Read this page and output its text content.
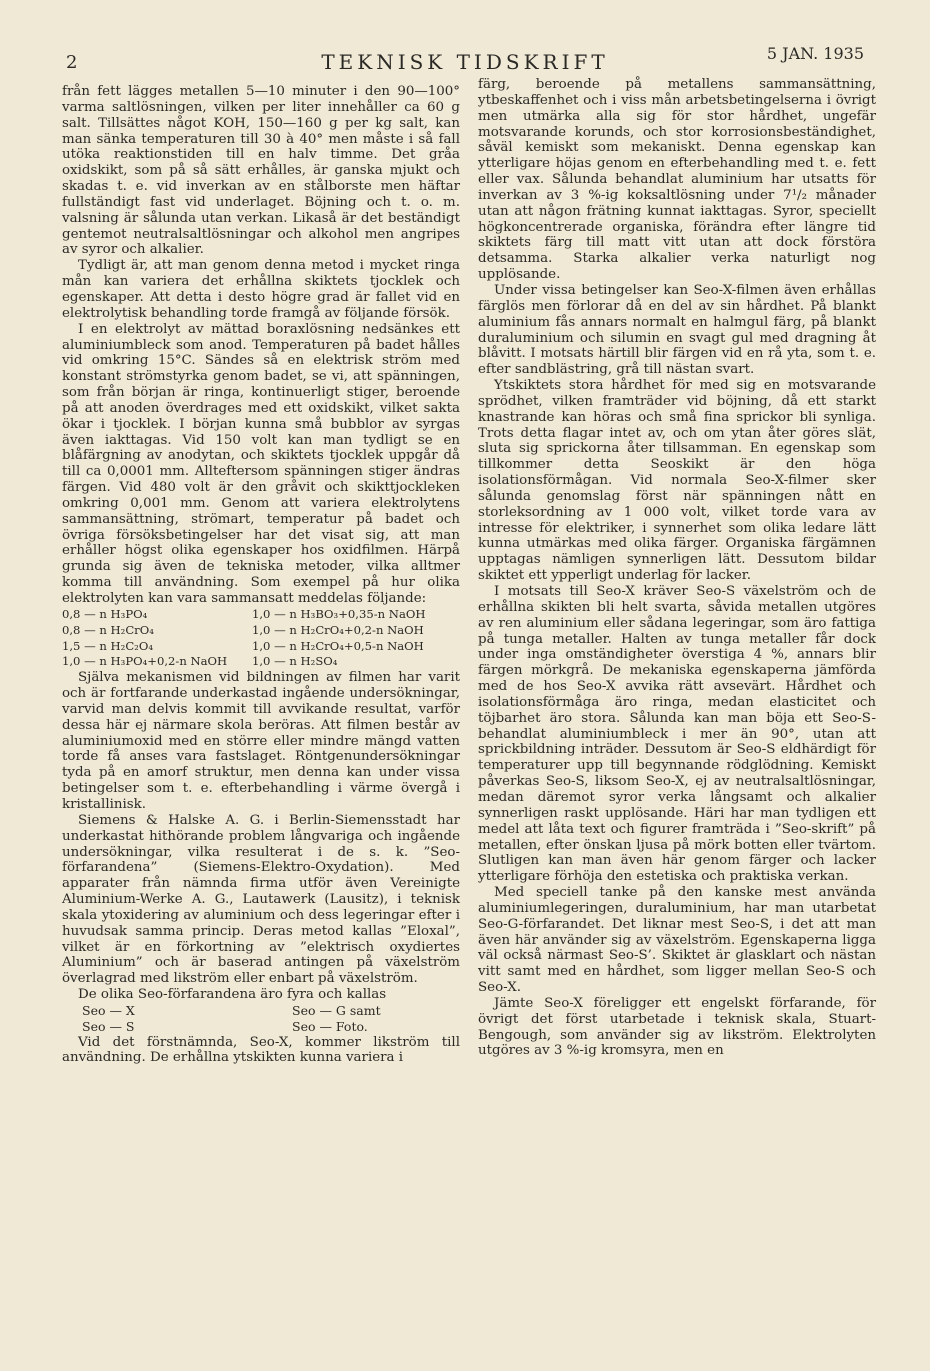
2	TEKNISK TIDSKRIFT	5 JAN. 1935

från fett lägges metallen 5—10 minuter i den 90—100° varma saltlösningen, vilken per liter innehåller ca 60 g salt. Tillsättes något KOH, 150—160 g per kg salt, kan man sänka temperaturen till 30 à 40° men måste i så fall utöka reaktionstiden till en halv timme. Det gråa oxidskikt, som på så sätt erhålles, är ganska mjukt och skadas t. e. vid inverkan av en stålborste men häftar fullständigt fast vid underlaget. Böjning och t. o. m. valsning är sålunda utan verkan. Likaså är det beständigt gentemot neutralsaltlösningar och alkohol men angripes av syror och alkalier.

Tydligt är, att man genom denna metod i mycket ringa mån kan variera det erhållna skiktets tjocklek och egenskaper. Att detta i desto högre grad är fallet vid en elektrolytisk behandling torde framgå av följande försök.

I en elektrolyt av mättad boraxlösning nedsänkes ett aluminiumbleck som anod. Temperaturen på badet hålles vid omkring 15°C. Sändes så en elektrisk ström med konstant strömstyrka genom badet, se vi, att spänningen, som från början är ringa, kontinuerligt stiger, beroende på att anoden överdrages med ett oxidskikt, vilket sakta ökar i tjocklek. I början kunna små bubblor av syrgas även iakttagas. Vid 150 volt kan man tydligt se en blåfärgning av anodytan, och skiktets tjocklek uppgår då till ca 0,0001 mm. Allteftersom spänningen stiger ändras färgen. Vid 480 volt är den gråvit och skikttjockleken omkring 0,001 mm. Genom att variera elektrolytens sammansättning, strömart, temperatur på badet och övriga försöksbetingelser har det visat sig, att man erhåller högst olika egenskaper hos oxidfilmen. Härpå grunda sig även de tekniska metoder, vilka alltmer komma till användning. Som exempel på hur olika elektrolyten kan vara sammansatt meddelas följande:

0,8 — n H₃PO₄	1,0 — n H₃BO₃+0,35-n NaOH
0,8 — n H₂CrO₄	1,0 — n H₂CrO₄+0,2-n NaOH
1,5 — n H₂C₂O₄	1,0 — n H₂CrO₄+0,5-n NaOH
1,0 — n H₃PO₄+0,2-n NaOH	1,0 — n H₂SO₄

Själva mekanismen vid bildningen av filmen har varit och är fortfarande underkastad ingående undersökningar, varvid man delvis kommit till avvikande resultat, varför dessa här ej närmare skola beröras. Att filmen består av aluminiumoxid med en större eller mindre mängd vatten torde få anses vara fastslaget. Röntgenundersökningar tyda på en amorf struktur, men denna kan under vissa betingelser som t. e. efterbehandling i värme övergå i kristallinisk.

Siemens & Halske A. G. i Berlin-Siemensstadt har underkastat hithörande problem långvariga och ingående undersökningar, vilka resulterat i de s. k. ”Seo-förfarandena” (Siemens-Elektro-Oxydation). Med apparater från nämnda firma utför även Vereinigte Aluminium-Werke A. G., Lautawerk (Lausitz), i teknisk skala ytoxidering av aluminium och dess legeringar efter i huvudsak samma princip. Deras metod kallas ”Eloxal”, vilket är en förkortning av ”elektrisch oxydiertes Aluminium” och är baserad antingen på växelström överlagrad med likström eller enbart på växelström.

De olika Seo-förfarandena äro fyra och kallas

Seo — X	Seo — G samt
Seo — S	Seo — Foto.

Vid det förstnämnda, Seo-X, kommer likström till användning. De erhållna ytskikten kunna variera i

färg, beroende på metallens sammansättning, ytbeskaffenhet och i viss mån arbetsbetingelserna i övrigt men utmärka alla sig för stor hårdhet, ungefär motsvarande korunds, och stor korrosionsbeständighet, såväl kemiskt som mekaniskt. Denna egenskap kan ytterligare höjas genom en efterbehandling med t. e. fett eller vax. Sålunda behandlat aluminium har utsatts för inverkan av 3 %-ig koksaltlösning under 7¹/₂ månader utan att någon frätning kunnat iakttagas. Syror, speciellt högkoncentrerade organiska, förändra efter längre tid skiktets färg till matt vitt utan att dock förstöra detsamma. Starka alkalier verka naturligt nog upplösande.

Under vissa betingelser kan Seo-X-filmen även erhållas färglös men förlorar då en del av sin hårdhet. På blankt aluminium fås annars normalt en halmgul färg, på blankt duraluminium och silumin en svagt gul med dragning åt blåvitt. I motsats härtill blir färgen vid en rå yta, som t. e. efter sandblästring, grå till nästan svart.

Ytskiktets stora hårdhet för med sig en motsvarande sprödhet, vilken framträder vid böjning, då ett starkt knastrande kan höras och små fina sprickor bli synliga. Trots detta flagar intet av, och om ytan åter göres slät, sluta sig sprickorna åter tillsamman. En egenskap som tillkommer detta Seoskikt är den höga isolationsförmågan. Vid normala Seo-X-filmer sker sålunda genomslag först när spänningen nått en storleksordning av 1 000 volt, vilket torde vara av intresse för elektriker, i synnerhet som olika ledare lätt kunna utmärkas med olika färger. Organiska färgämnen upptagas nämligen synnerligen lätt. Dessutom bildar skiktet ett ypperligt underlag för lacker.

I motsats till Seo-X kräver Seo-S växelström och de erhållna skikten bli helt svarta, såvida metallen utgöres av ren aluminium eller sådana legeringar, som äro fattiga på tunga metaller. Halten av tunga metaller får dock under inga omständigheter överstiga 4 %, annars blir färgen mörkgrå. De mekaniska egenskaperna jämförda med de hos Seo-X avvika rätt avsevärt. Hårdhet och isolationsförmåga äro ringa, medan elasticitet och töjbarhet äro stora. Sålunda kan man böja ett Seo-S-behandlat aluminiumbleck i mer än 90°, utan att sprickbildning inträder. Dessutom är Seo-S eldhärdigt för temperaturer upp till begynnande rödglödning. Kemiskt påverkas Seo-S, liksom Seo-X, ej av neutralsaltlösningar, medan däremot syror verka långsamt och alkalier synnerligen raskt upplösande. Häri har man tydligen ett medel att låta text och figurer framträda i ”Seo-skrift” på metallen, efter önskan ljusa på mörk botten eller tvärtom. Slutligen kan man även här genom färger och lacker ytterligare förhöja den estetiska och praktiska verkan.

Med speciell tanke på den kanske mest använda aluminiumlegeringen, duraluminium, har man utarbetat Seo-G-förfarandet. Det liknar mest Seo-S, i det att man även här använder sig av växelström. Egenskaperna ligga väl också närmast Seo-S’. Skiktet är glasklart och nästan vitt samt med en hårdhet, som ligger mellan Seo-S och Seo-X.

Jämte Seo-X föreligger ett engelskt förfarande, för övrigt det först utarbetade i teknisk skala, Stuart-Bengough, som använder sig av likström. Elektrolyten utgöres av 3 %-ig kromsyra, men en
